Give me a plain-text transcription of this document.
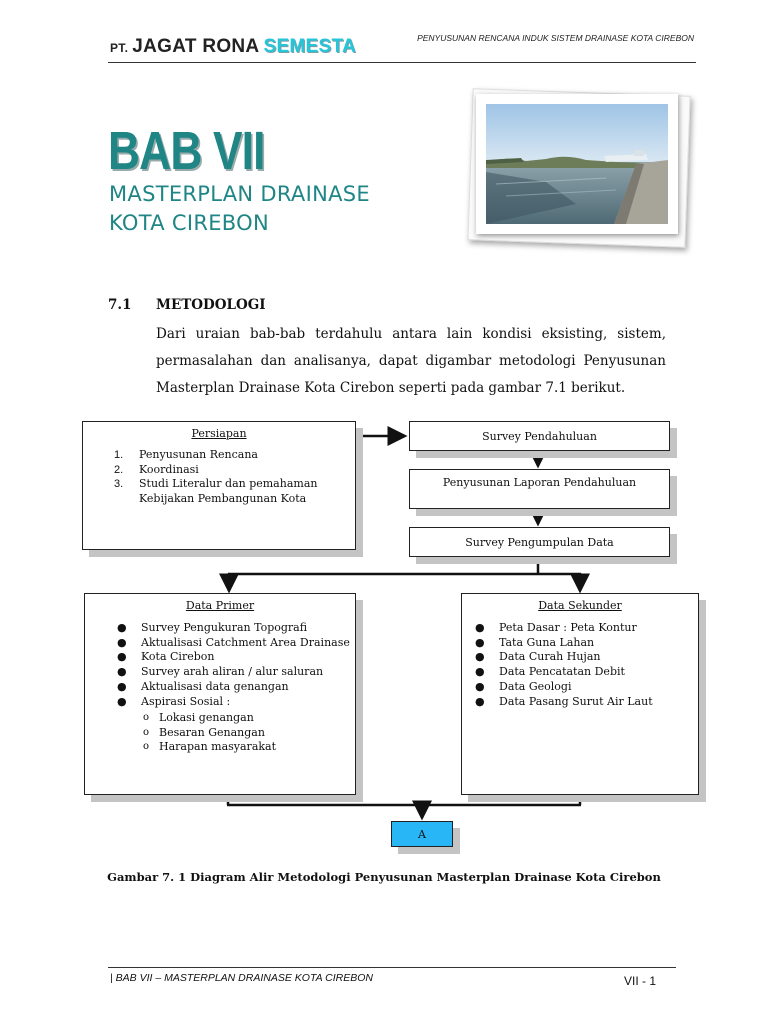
PT. JAGAT RONA SEMESTA	PENYUSUNAN RENCANA INDUK SISTEM DRAINASE KOTA CIREBON
BAB VII
MASTERPLAN DRAINASE
KOTA CIREBON
7.1 METODOLOGI
Dari uraian bab-bab terdahulu antara lain kondisi eksisting, sistem, permasalahan dan analisanya, dapat digambar metodologi Penyusunan Masterplan Drainase Kota Cirebon seperti pada gambar 7.1 berikut.
Persiapan
1. Penyusunan Rencana
2. Koordinasi
3. Studi Literalur dan pemahaman
Kebijakan Pembangunan Kota
Survey Pendahuluan
Penyusunan Laporan Pendahuluan
Survey Pengumpulan Data
Data Primer
● Survey Pengukuran Topografi
● Aktualisasi Catchment Area Drainase
● Kota Cirebon
● Survey arah aliran / alur saluran
● Aktualisasi data genangan
● Aspirasi Sosial :
o Lokasi genangan
o Besaran Genangan
o Harapan masyarakat
Data Sekunder
● Peta Dasar : Peta Kontur
● Tata Guna Lahan
● Data Curah Hujan
● Data Pencatatan Debit
● Data Geologi
● Data Pasang Surut Air Laut
A
Gambar 7. 1 Diagram Alir Metodologi Penyusunan Masterplan Drainase Kota Cirebon
| BAB VII – MASTERPLAN DRAINASE KOTA CIREBON	VII - 1
